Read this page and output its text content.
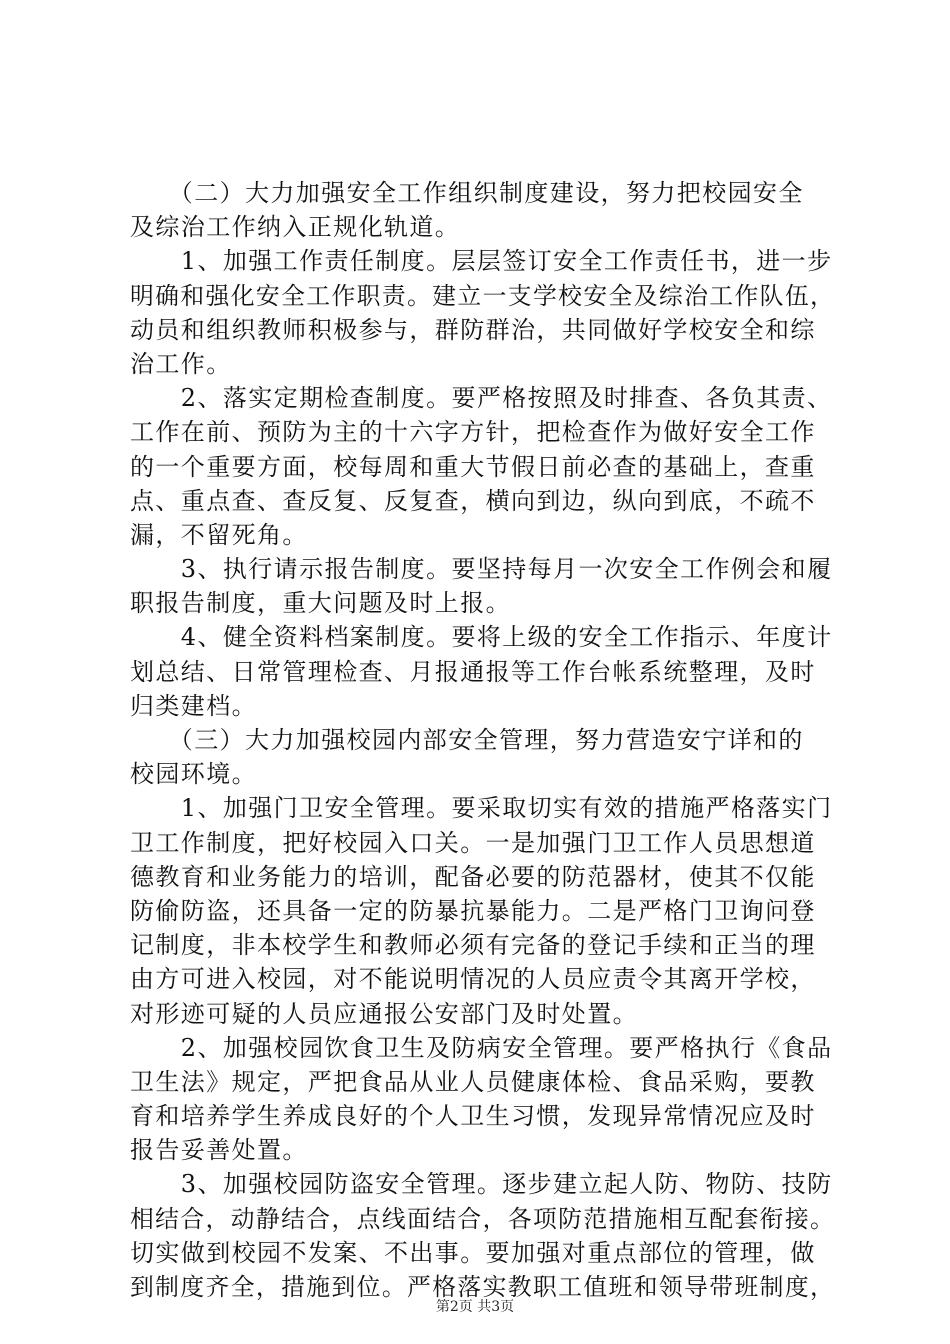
　　（二）大力加强安全工作组织制度建设，努力把校园安全
及综治工作纳入正规化轨道。
　　1、加强工作责任制度。层层签订安全工作责任书，进一步
明确和强化安全工作职责。建立一支学校安全及综治工作队伍，
动员和组织教师积极参与，群防群治，共同做好学校安全和综
治工作。
　　2、落实定期检查制度。要严格按照及时排查、各负其责、
工作在前、预防为主的十六字方针，把检查作为做好安全工作
的一个重要方面，校每周和重大节假日前必查的基础上，查重
点、重点查、查反复、反复查，横向到边，纵向到底，不疏不
漏，不留死角。
　　3、执行请示报告制度。要坚持每月一次安全工作例会和履
职报告制度，重大问题及时上报。
　　4、健全资料档案制度。要将上级的安全工作指示、年度计
划总结、日常管理检查、月报通报等工作台帐系统整理，及时
归类建档。
　　（三）大力加强校园内部安全管理，努力营造安宁详和的
校园环境。
　　1、加强门卫安全管理。要采取切实有效的措施严格落实门
卫工作制度，把好校园入口关。一是加强门卫工作人员思想道
德教育和业务能力的培训，配备必要的防范器材，使其不仅能
防偷防盗，还具备一定的防暴抗暴能力。二是严格门卫询问登
记制度，非本校学生和教师必须有完备的登记手续和正当的理
由方可进入校园，对不能说明情况的人员应责令其离开学校，
对形迹可疑的人员应通报公安部门及时处置。
　　2、加强校园饮食卫生及防病安全管理。要严格执行《食品
卫生法》规定，严把食品从业人员健康体检、食品采购，要教
育和培养学生养成良好的个人卫生习惯，发现异常情况应及时
报告妥善处置。
　　3、加强校园防盗安全管理。逐步建立起人防、物防、技防
相结合，动静结合，点线面结合，各项防范措施相互配套衔接。
切实做到校园不发案、不出事。要加强对重点部位的管理，做
到制度齐全，措施到位。严格落实教职工值班和领导带班制度，
第2页 共3页
